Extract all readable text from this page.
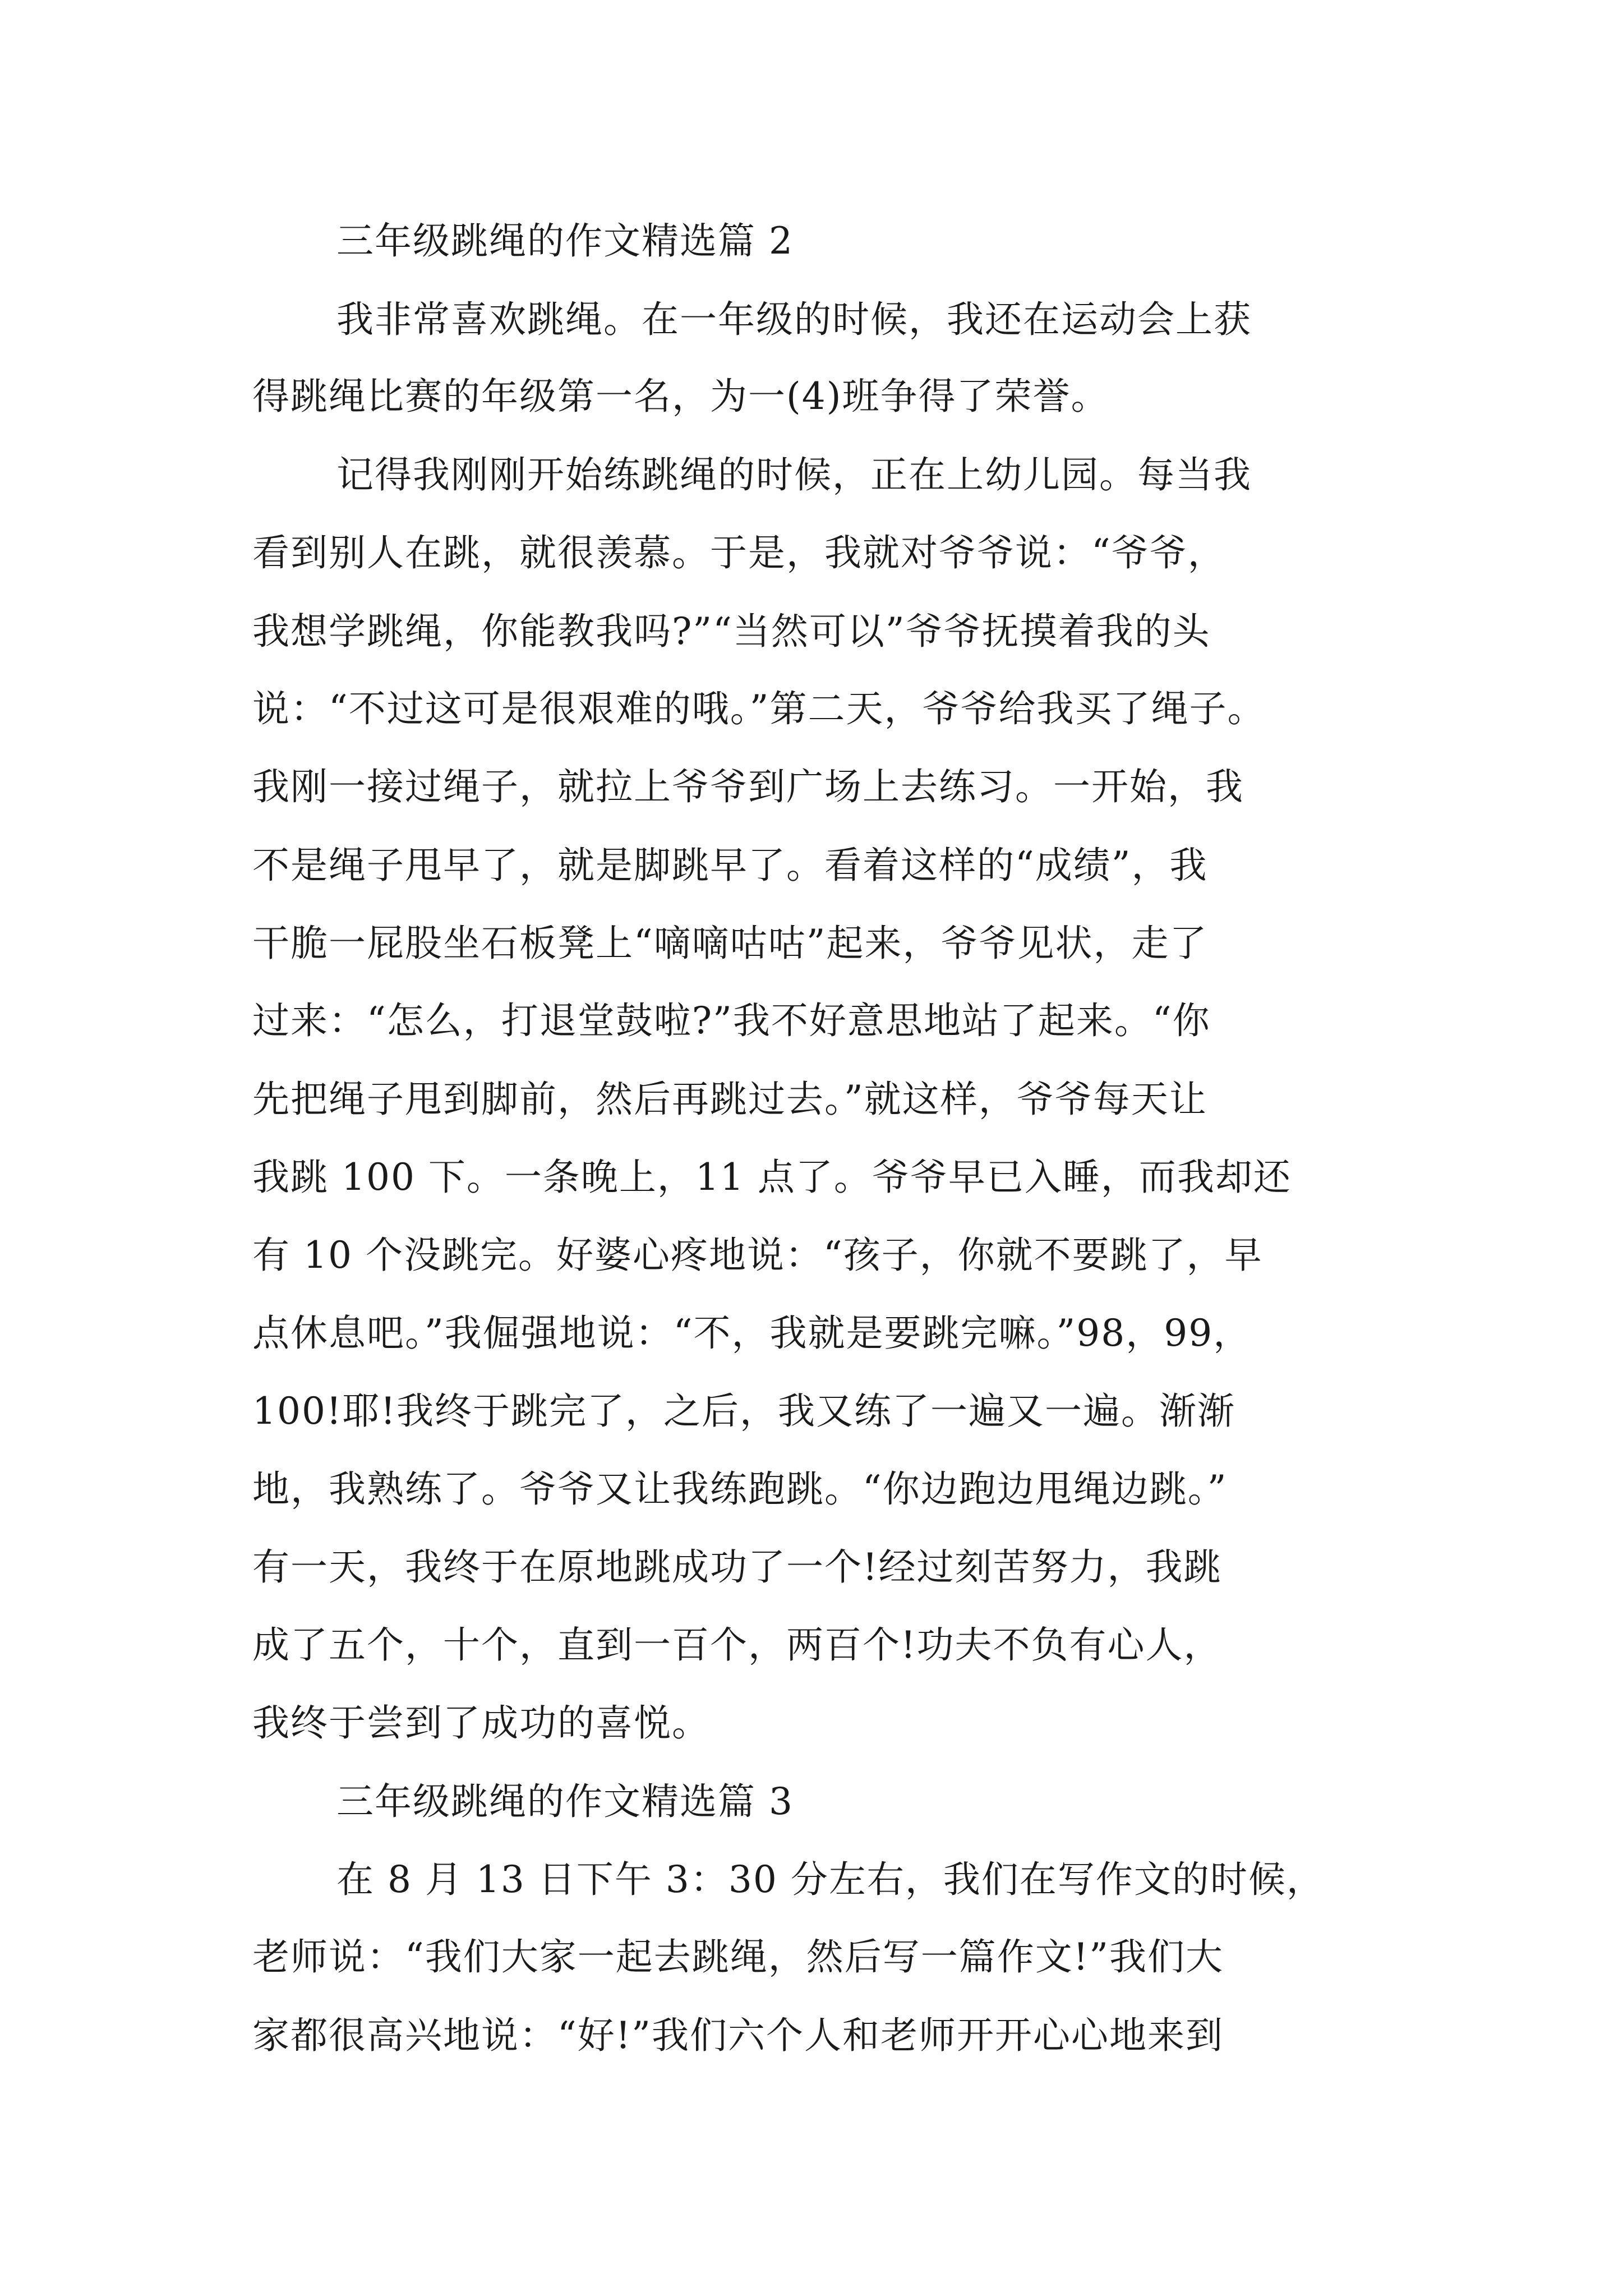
三年级跳绳的作文精选篇 2
我非常喜欢跳绳。在一年级的时候，我还在运动会上获
得跳绳比赛的年级第一名，为一(4)班争得了荣誉。
记得我刚刚开始练跳绳的时候，正在上幼儿园。每当我
看到别人在跳，就很羡慕。于是，我就对爷爷说：“爷爷，
我想学跳绳，你能教我吗?”“当然可以”爷爷抚摸着我的头
说：“不过这可是很艰难的哦。”第二天，爷爷给我买了绳子。
我刚一接过绳子，就拉上爷爷到广场上去练习。一开始，我
不是绳子甩早了，就是脚跳早了。看着这样的“成绩”，我
干脆一屁股坐石板凳上“嘀嘀咕咕”起来，爷爷见状，走了
过来：“怎么，打退堂鼓啦?”我不好意思地站了起来。“你
先把绳子甩到脚前，然后再跳过去。”就这样，爷爷每天让
我跳 100 下。一条晚上，11 点了。爷爷早已入睡，而我却还
有 10 个没跳完。好婆心疼地说：“孩子，你就不要跳了，早
点休息吧。”我倔强地说：“不，我就是要跳完嘛。”98，99，
100!耶!我终于跳完了，之后，我又练了一遍又一遍。渐渐
地，我熟练了。爷爷又让我练跑跳。“你边跑边甩绳边跳。”
有一天，我终于在原地跳成功了一个!经过刻苦努力，我跳
成了五个，十个，直到一百个，两百个!功夫不负有心人，
我终于尝到了成功的喜悦。
三年级跳绳的作文精选篇 3
在 8 月 13 日下午 3：30 分左右，我们在写作文的时候，
老师说：“我们大家一起去跳绳，然后写一篇作文!”我们大
家都很高兴地说：“好!”我们六个人和老师开开心心地来到
